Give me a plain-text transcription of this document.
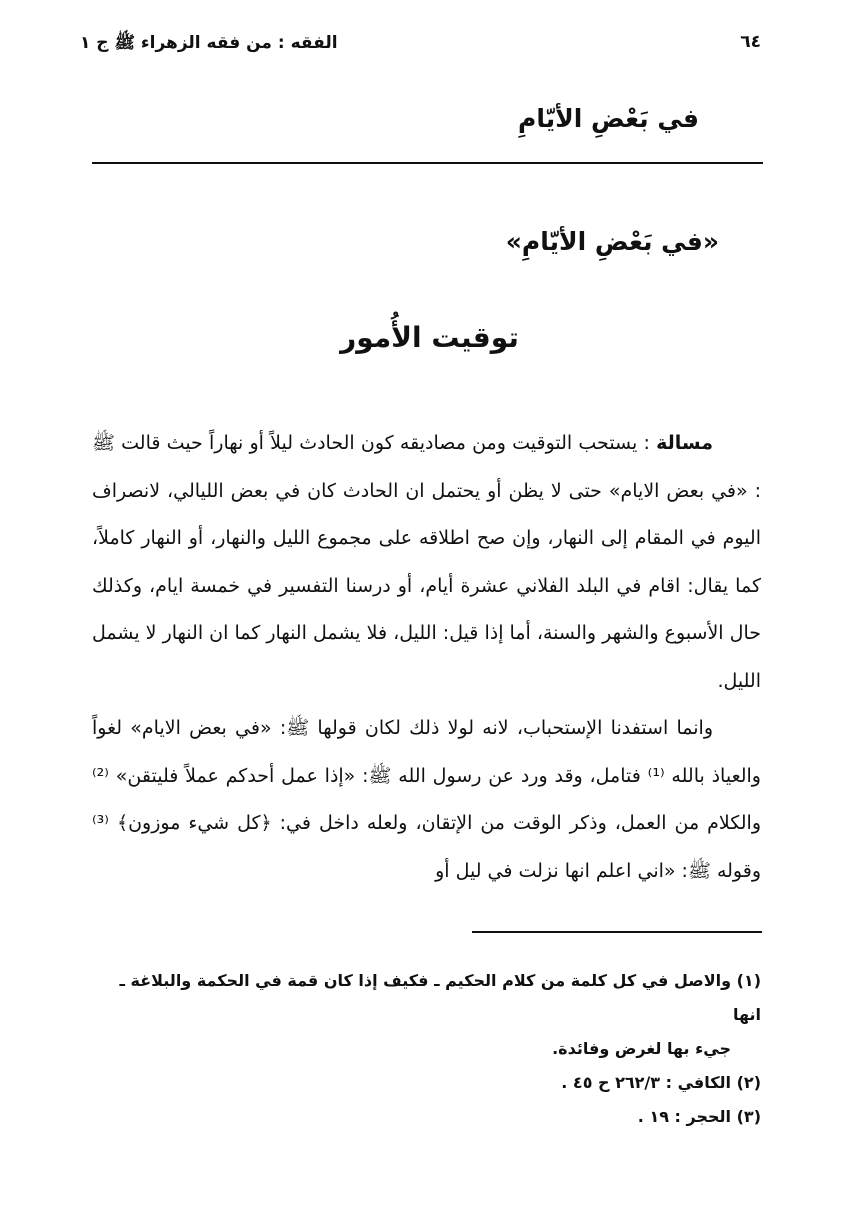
٦٤
الفقه : من فقه الزهراء ﷺ ج ١
في بَعْضِ الأيّامِ
«في بَعْضِ الأيّامِ»
توقيت الأُمور

مسالة : يستحب التوقيت ومن مصاديقه كون الحادث ليلاً أو نهاراً حيث قالت ﷺ : «في بعض الايام» حتى لا يظن أو يحتمل ان الحادث كان في بعض الليالي، لانصراف اليوم في المقام إلى النهار، وإن صح اطلاقه على مجموع الليل والنهار، أو النهار كاملاً، كما يقال: اقام في البلد الفلاني عشرة أيام، أو درسنا التفسير في خمسة ايام، وكذلك حال الأسبوع والشهر والسنة، أما إذا قيل: الليل، فلا يشمل النهار كما ان النهار لا يشمل الليل.

وانما استفدنا الإستحباب، لانه لولا ذلك لكان قولها ﷺ: «في بعض الايام» لغواً والعياذ بالله ⁽¹⁾ فتامل، وقد ورد عن رسول الله ﷺ: «إذا عمل أحدكم عملاً فليتقن» ⁽²⁾ والكلام من العمل، وذكر الوقت من الإتقان، ولعله داخل في: ﴿كل شيء موزون﴾ ⁽³⁾ وقوله ﷺ: «اني اعلم انها نزلت في ليل أو

(١) والاصل في كل كلمة من كلام الحكيم ـ فكيف إذا كان قمة في الحكمة والبلاغة ـ انها

جيء بها لغرض وفائدة.

(٢) الكافي : ٢٦٢/٣ ح ٤٥ .

(٣) الحجر : ١٩ .
